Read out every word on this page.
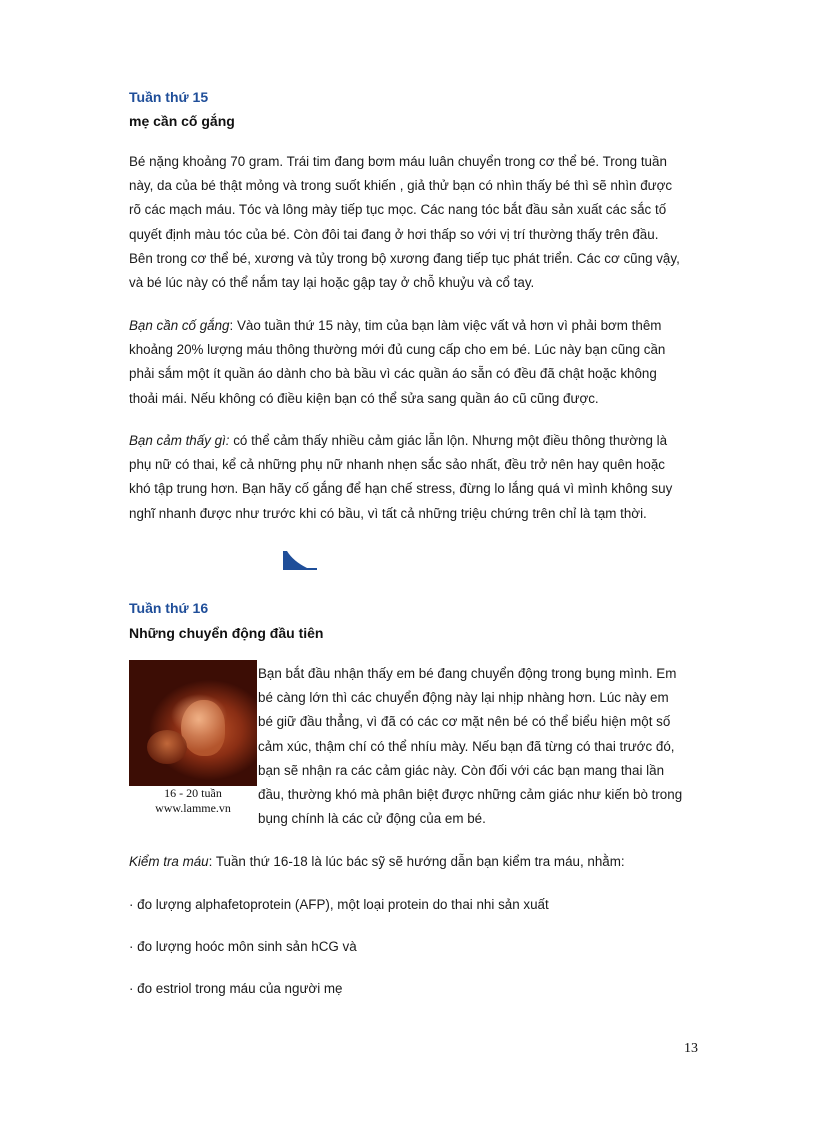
Tuần thứ 15
mẹ cần cố gắng
Bé nặng khoảng 70 gram. Trái tim đang bơm máu luân chuyển trong cơ thể bé. Trong tuần
này, da của bé thật mỏng và trong suốt khiến , giả thử bạn có nhìn thấy bé thì sẽ nhìn được
rõ các mạch máu. Tóc và lông mày tiếp tục mọc. Các nang tóc bắt đầu sản xuất các sắc tố
quyết định màu tóc của bé. Còn đôi tai đang ở hơi thấp so với vị trí thường thấy trên đầu.
Bên trong cơ thể bé, xương và tủy trong bộ xương đang tiếp tục phát triển. Các cơ cũng vậy,
và bé lúc này có thể nắm tay lại hoặc gập tay ở chỗ khuỷu và cổ tay.
Bạn cần cố gắng: Vào tuần thứ 15 này, tim của bạn làm việc vất vả hơn vì phải bơm thêm
khoảng 20% lượng máu thông thường mới đủ cung cấp cho em bé. Lúc này bạn cũng cần
phải sắm một ít quần áo dành cho bà bầu vì các quần áo sẵn có đều đã chật hoặc không
thoải mái. Nếu không có điều kiện bạn có thể sửa sang quần áo cũ cũng được.
Bạn cảm thấy gì: có thể cảm thấy nhiều cảm giác lẫn lộn. Nhưng một điều thông thường là
phụ nữ có thai, kể cả những phụ nữ nhanh nhẹn sắc sảo nhất, đều trở nên hay quên hoặc
khó tập trung hơn. Bạn hãy cố gắng để hạn chế stress, đừng lo lắng quá vì mình không suy
nghĩ nhanh được như trước khi có bầu, vì tất cả những triệu chứng trên chỉ là tạm thời.
Tuần thứ 16
Những chuyển động đầu tiên
16 - 20 tuần
www.lamme.vn
Bạn bắt đầu nhận thấy em bé đang chuyển động trong bụng mình. Em
bé càng lớn thì các chuyển động này lại nhịp nhàng hơn. Lúc này em
bé giữ đầu thẳng, vì đã có các cơ mặt nên bé có thể biểu hiện một số
cảm xúc, thậm chí có thể nhíu mày. Nếu bạn đã từng có thai trước đó,
bạn sẽ nhận ra các cảm giác này. Còn đối với các bạn mang thai lần
đầu, thường khó mà phân biệt được những cảm giác như kiến bò trong
bụng chính là các cử động của em bé.
Kiểm tra máu: Tuần thứ 16-18 là lúc bác sỹ sẽ hướng dẫn bạn kiểm tra máu, nhằm:
· đo lượng alphafetoprotein (AFP), một loại protein do thai nhi sản xuất
· đo lượng hoóc môn sinh sản hCG và
· đo estriol trong máu của người mẹ
13
